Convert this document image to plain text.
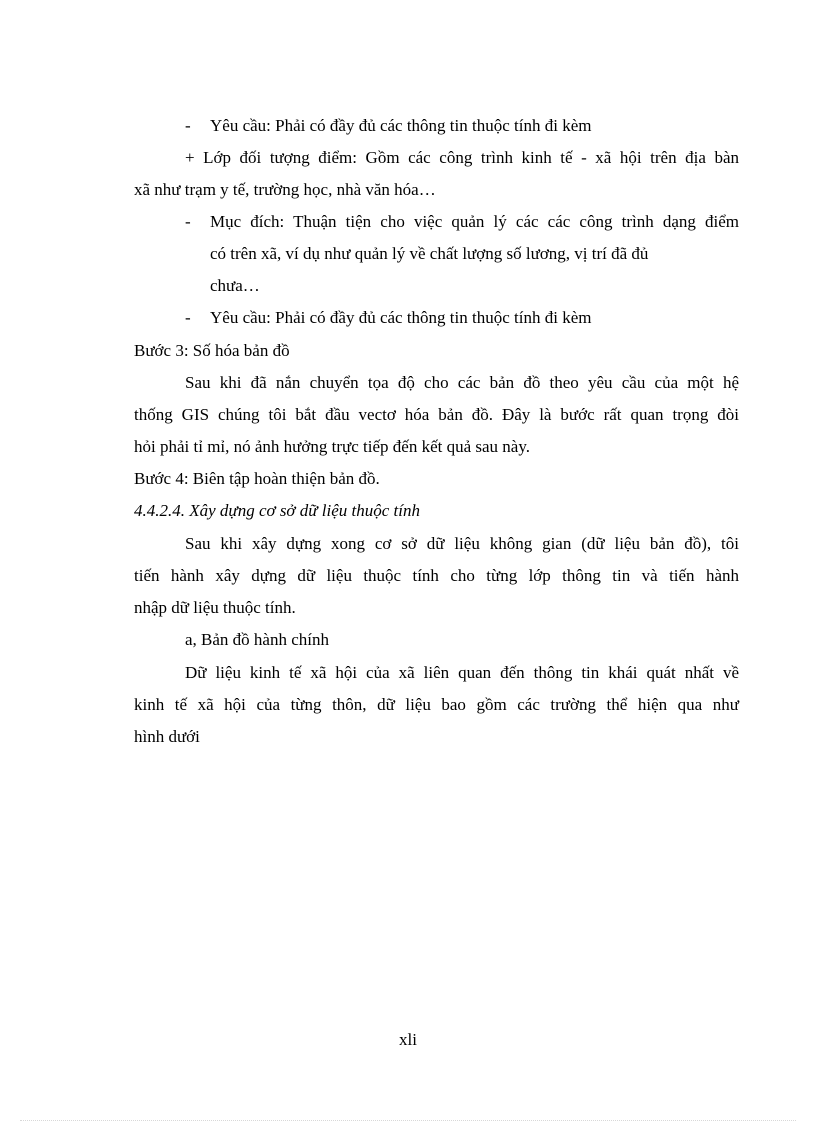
- Yêu cầu: Phải có đầy đủ các thông tin thuộc tính đi kèm
+ Lớp đối tượng điểm: Gồm các công trình kinh tế - xã hội trên địa bàn
xã như trạm y tế, trường học, nhà văn hóa…
- Mục đích: Thuận tiện cho việc quản lý các các công trình dạng điểm
có trên xã, ví dụ như quản lý về chất lượng số lương, vị trí đã đủ
chưa…
- Yêu cầu: Phải có đầy đủ các thông tin thuộc tính đi kèm
Bước 3: Số hóa bản đồ
Sau khi đã nắn chuyển tọa độ cho các bản đồ theo yêu cầu của một hệ
thống GIS chúng tôi bắt đầu vectơ hóa bản đồ. Đây là bước rất quan trọng đòi
hỏi phải tỉ mỉ, nó ảnh hưởng trực tiếp đến kết quả sau này.
Bước 4: Biên tập hoàn thiện bản đồ.
4.4.2.4. Xây dựng cơ sở dữ liệu thuộc tính
Sau khi xây dựng xong cơ sở dữ liệu không gian (dữ liệu bản đồ), tôi
tiến hành xây dựng dữ liệu thuộc tính cho từng lớp thông tin và tiến hành
nhập dữ liệu thuộc tính.
a, Bản đồ hành chính
Dữ liệu kinh tế xã hội của xã liên quan đến thông tin khái quát nhất về
kinh tế xã hội của từng thôn, dữ liệu bao gồm các trường thể hiện qua như
hình dưới
xli
